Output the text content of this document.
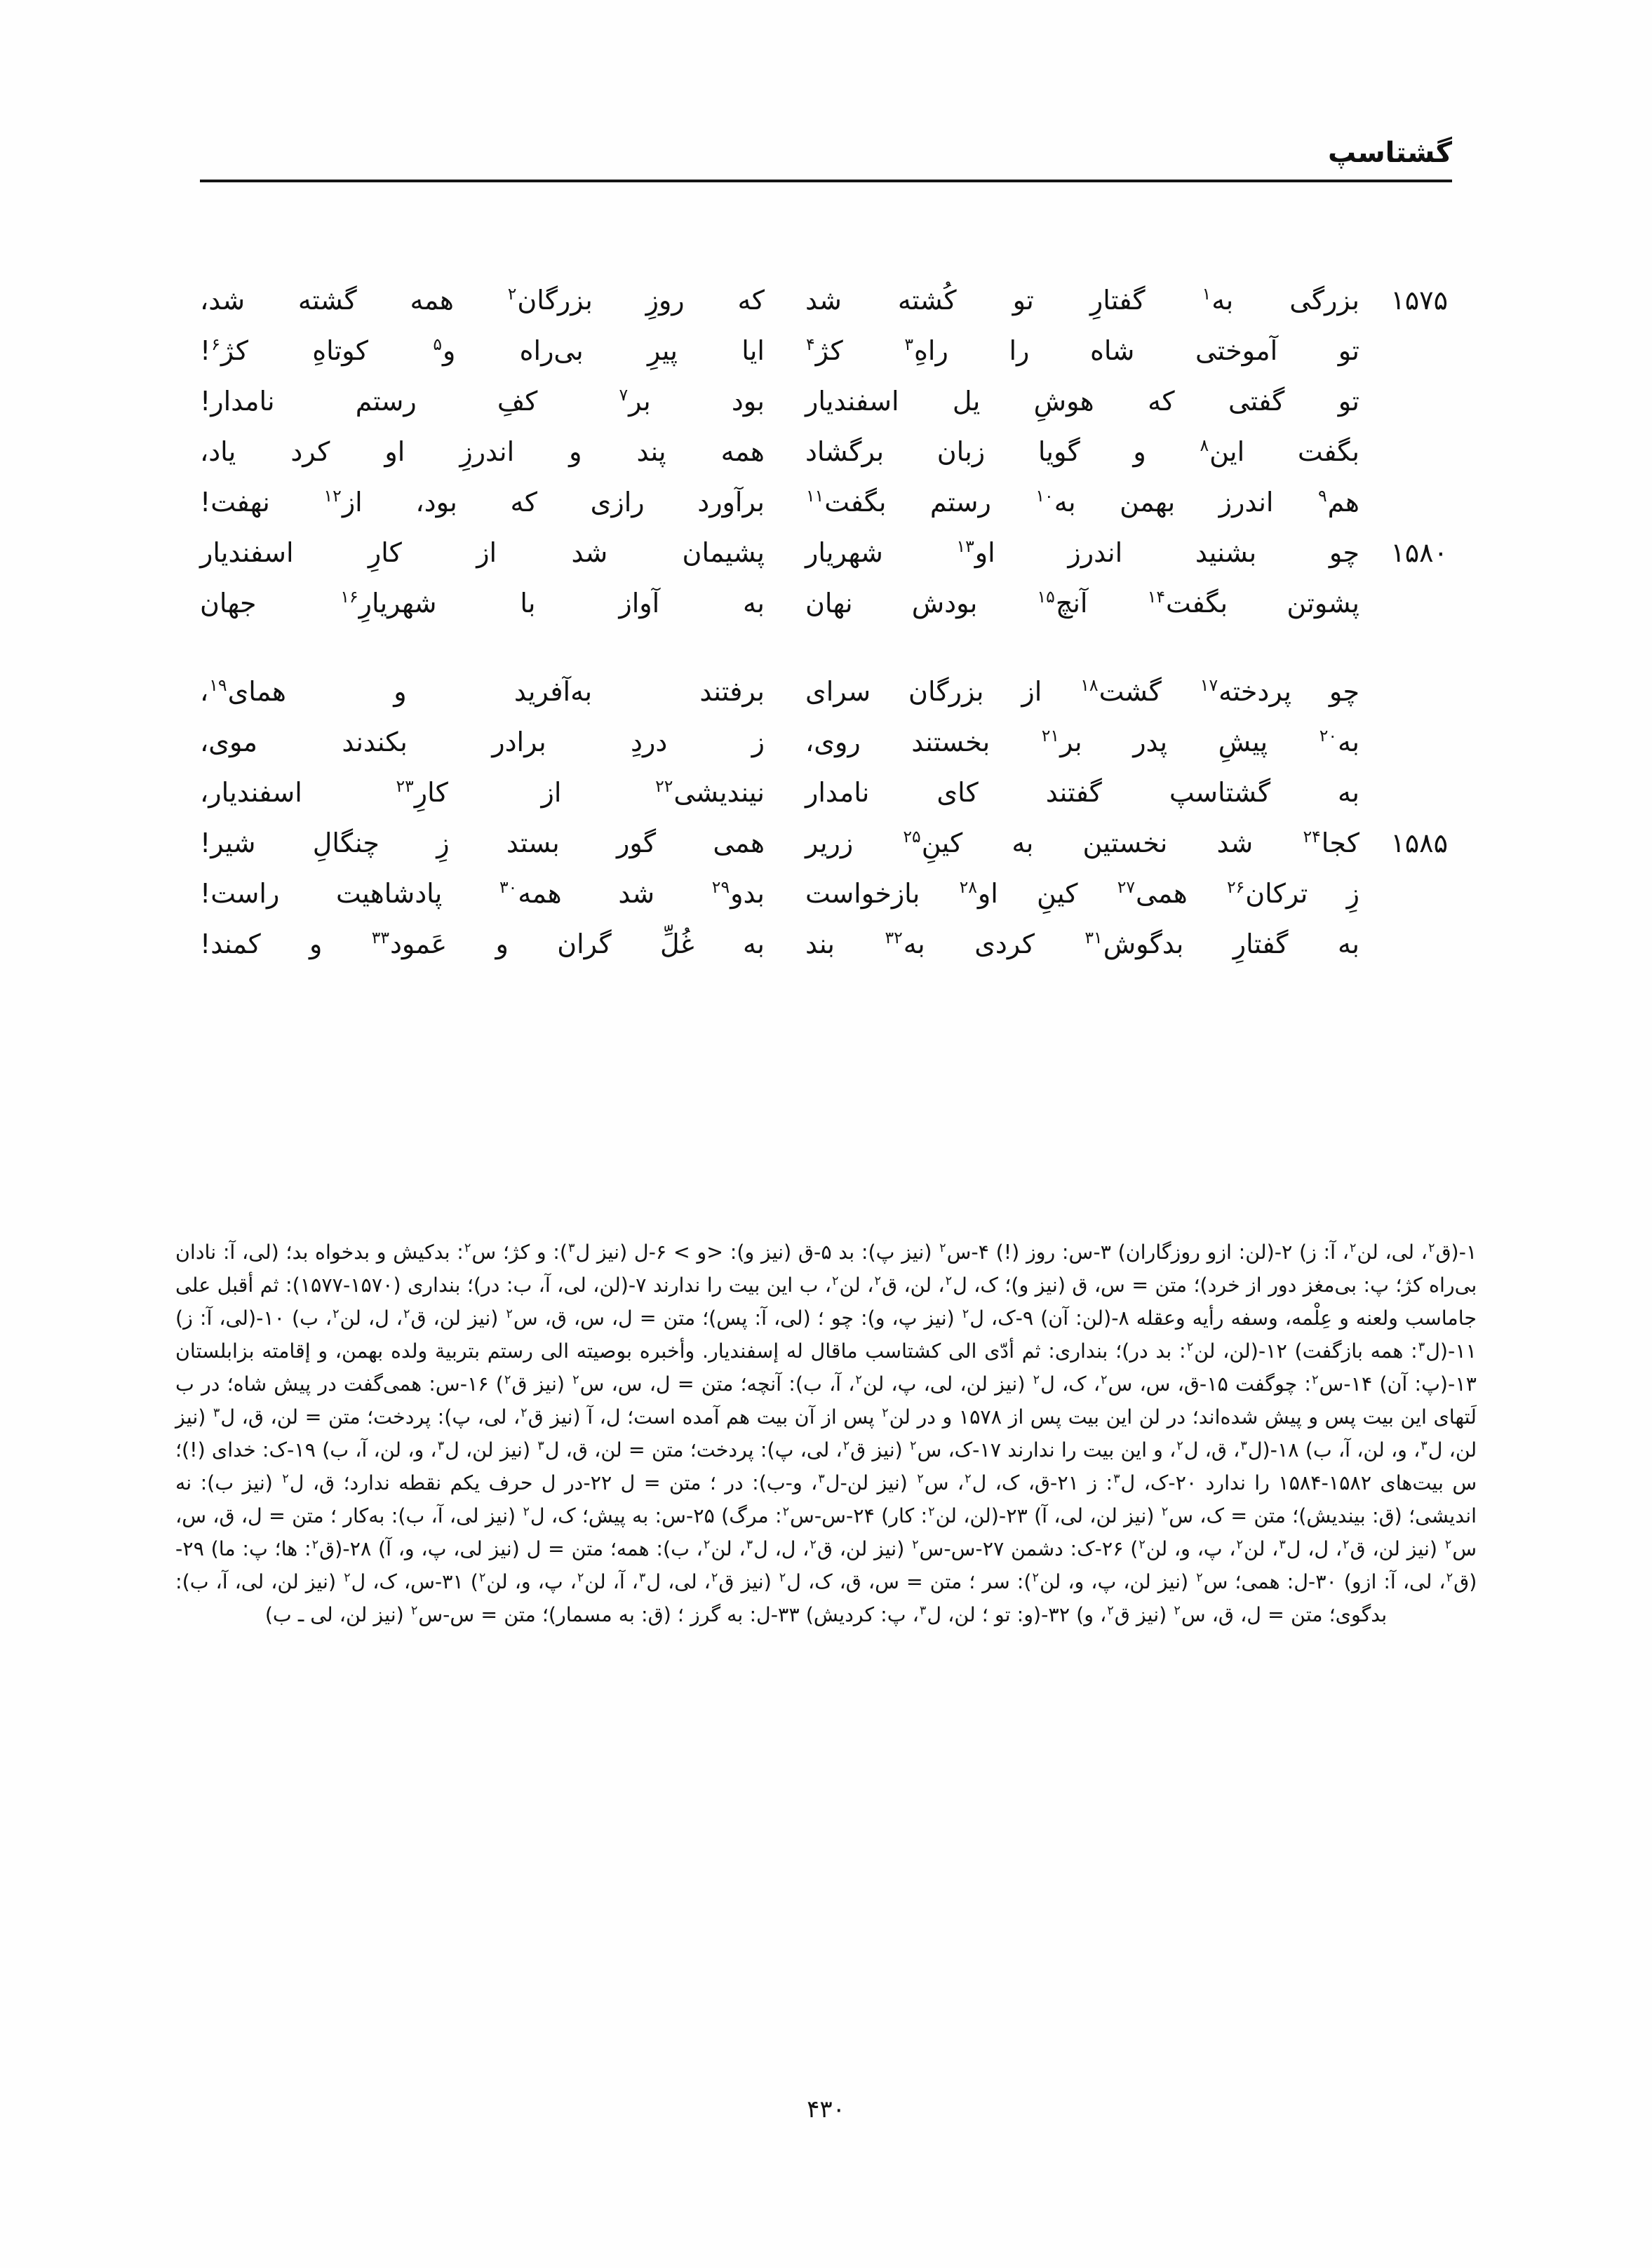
گشتاسپ
۱۵۷۵
بزرگی به$^۱$ گفتارِ تو کُشته شد
که روزِ بزرگان$^۲$ همه گشته شد،
تو آموختی شاه را راهِ$^۳$ کژ$^۴$
ایا پیرِ بی‌راه و$^۵$ کوتاهِ کژ$^۶$!
تو گفتی که هوشِ یل اسفندیار
بود بر$^۷$ کفِ رستم نامدار!
بگفت این$^۸$ و گویا زبان برگشاد
همه پند و اندرزِ او کرد یاد،
هم$^۹$ اندرز بهمن به$^{۱۰}$ رستم بگفت$^{۱۱}$
برآورد رازی که بود، از$^{۱۲}$ نهفت!
۱۵۸۰
چو بشنید اندرز او$^{۱۳}$ شهریار
پشیمان شد از کارِ اسفندیار
پشوتن بگفت$^{۱۴}$ آنچ$^{۱۵}$ بودش نهان
به آواز با شهریارِ$^{۱۶}$ جهان
چو پردخته$^{۱۷}$ گشت$^{۱۸}$ از بزرگان سرای
برفتند به‌آفرید و همای$^{۱۹}$،
به$^{۲۰}$ پیشِ پدر بر$^{۲۱}$ بخستند روی،
ز دردِ برادر بکندند موی،
به گشتاسپ گفتند کای نامدار
نیندیشی$^{۲۲}$ از کارِ$^{۲۳}$ اسفندیار،
۱۵۸۵
کجا$^{۲۴}$ شد نخستین به کینِ$^{۲۵}$ زریر
همی گور بستد زِ چنگالِ شیر!
زِ ترکان$^{۲۶}$ همی$^{۲۷}$ کینِ او$^{۲۸}$ بازخواست
بدو$^{۲۹}$ شد همه$^{۳۰}$ پادشاهیت راست!
به گفتارِ بدگوش$^{۳۱}$ کردی به$^{۳۲}$ بند
به غُلِّ گران و عَمود$^{۳۳}$ و کمند!

۱-(ق$^۲$، لی، لن$^۲$، آ: ز) ۲-(لن: ازو روزگاران) ۳-س: روز (!) ۴-س$^۲$ (نیز پ): بد ۵-ق (نیز و): <و > ۶-ل (نیز ل$^۳$): و کژ؛ س$^۲$: بدکیش و بدخواه بد؛ (لی، آ: نادان بی‌راه کژ؛ پ: بی‌مغز دور از خرد)؛ متن = س، ق (نیز و)؛ ک، ل$^۲$، لن، ق$^۲$، لن$^۲$، ب این بیت را ندارند ۷-(لن، لی، آ، ب: در)؛ بنداری (۱۵۷۰-۱۵۷۷): ثم أقبل علی جاماسب ولعنه و عِلْمه، وسفه رأیه وعقله ۸-(لن: آن) ۹-ک، ل$^۲$ (نیز پ، و): چو ؛ (لی، آ: پس)؛ متن = ل، س، ق، س$^۲$ (نیز لن، ق$^۲$، ل، لن$^۲$، ب) ۱۰-(لی، آ: ز) ۱۱-(ل$^۳$: همه بازگفت) ۱۲-(لن، لن$^۲$: بد در)؛ بنداری: ثم أدّی الی کشتاسب ماقال له إسفندیار. وأخبره بوصیته الی رستم بتربیة ولده بهمن، و إقامته بزابلستان ۱۳-(پ: آن) ۱۴-س$^۲$: چوگفت ۱۵-ق، س، س$^۲$، ک، ل$^۲$ (نیز لن، لی، پ، لن$^۲$، آ، ب): آنچه؛ متن = ل، س، س$^۲$ (نیز ق$^۲$) ۱۶-س: همی‌گفت در پیش شاه؛ در ب لَتهای این بیت پس و پیش شده‌اند؛ در لن این بیت پس از ۱۵۷۸ و در لن$^۲$ پس از آن بیت هم آمده است؛ ل، آ (نیز ق$^۲$، لی، پ): پردخت؛ متن = لن، ق، ل$^۳$ (نیز لن، ل$^۳$، و، لن، آ، ب) ۱۸-(ل$^۳$، ق، ل$^۲$، و این بیت را ندارند ۱۷-ک، س$^۲$ (نیز ق$^۲$، لی، پ): پردخت؛ متن = لن، ق، ل$^۳$ (نیز لن، ل$^۳$، و، لن، آ، ب) ۱۹-ک: خدای (!)؛ س بیت‌های ۱۵۸۲-۱۵۸۴ را ندارد ۲۰-ک، ل$^۳$: ز ۲۱-ق، ک، ل$^۲$، س$^۲$ (نیز لن-ل$^۳$، و-ب): در ؛ متن = ل ۲۲-در ل حرف یکم نقطه ندارد؛ ق، ل$^۲$ (نیز ب): نه اندیشی؛ (ق: بیندیش)؛ متن = ک، س$^۲$ (نیز لن، لی، آ) ۲۳-(لن، لن$^۲$: کار) ۲۴-س-س$^۲$: مرگ) ۲۵-س: به پیش؛ ک، ل$^۲$ (نیز لی، آ، ب): به‌کار ؛ متن = ل، ق، س، س$^۲$ (نیز لن، ق$^۲$، ل، ل$^۳$، لن$^۲$، پ، و، لن$^۲$) ۲۶-ک: دشمن ۲۷-س-س$^۲$ (نیز لن، ق$^۲$، ل، ل$^۳$، لن$^۲$، ب): همه؛ متن = ل (نیز لی، پ، و، آ) ۲۸-(ق$^۲$: ها؛ پ: ما) ۲۹-(ق$^۲$، لی، آ: ازو) ۳۰-ل: همی؛ س$^۲$ (نیز لن، پ، و، لن$^۲$): سر ؛ متن = س، ق، ک، ل$^۲$ (نیز ق$^۲$، لی، ل$^۳$، آ، لن$^۲$، پ، و، لن$^۲$) ۳۱-س، ک، ل$^۲$ (نیز لن، لی، آ، ب): بدگوی؛ متن = ل، ق، س$^۲$ (نیز ق$^۲$، و) ۳۲-(و: تو ؛ لن، ل$^۳$، پ: کردیش) ۳۳-ل: به گرز ؛ (ق: به مسمار)؛ متن = س-س$^۲$ (نیز لن، لی ـ ب)

۴۳۰
